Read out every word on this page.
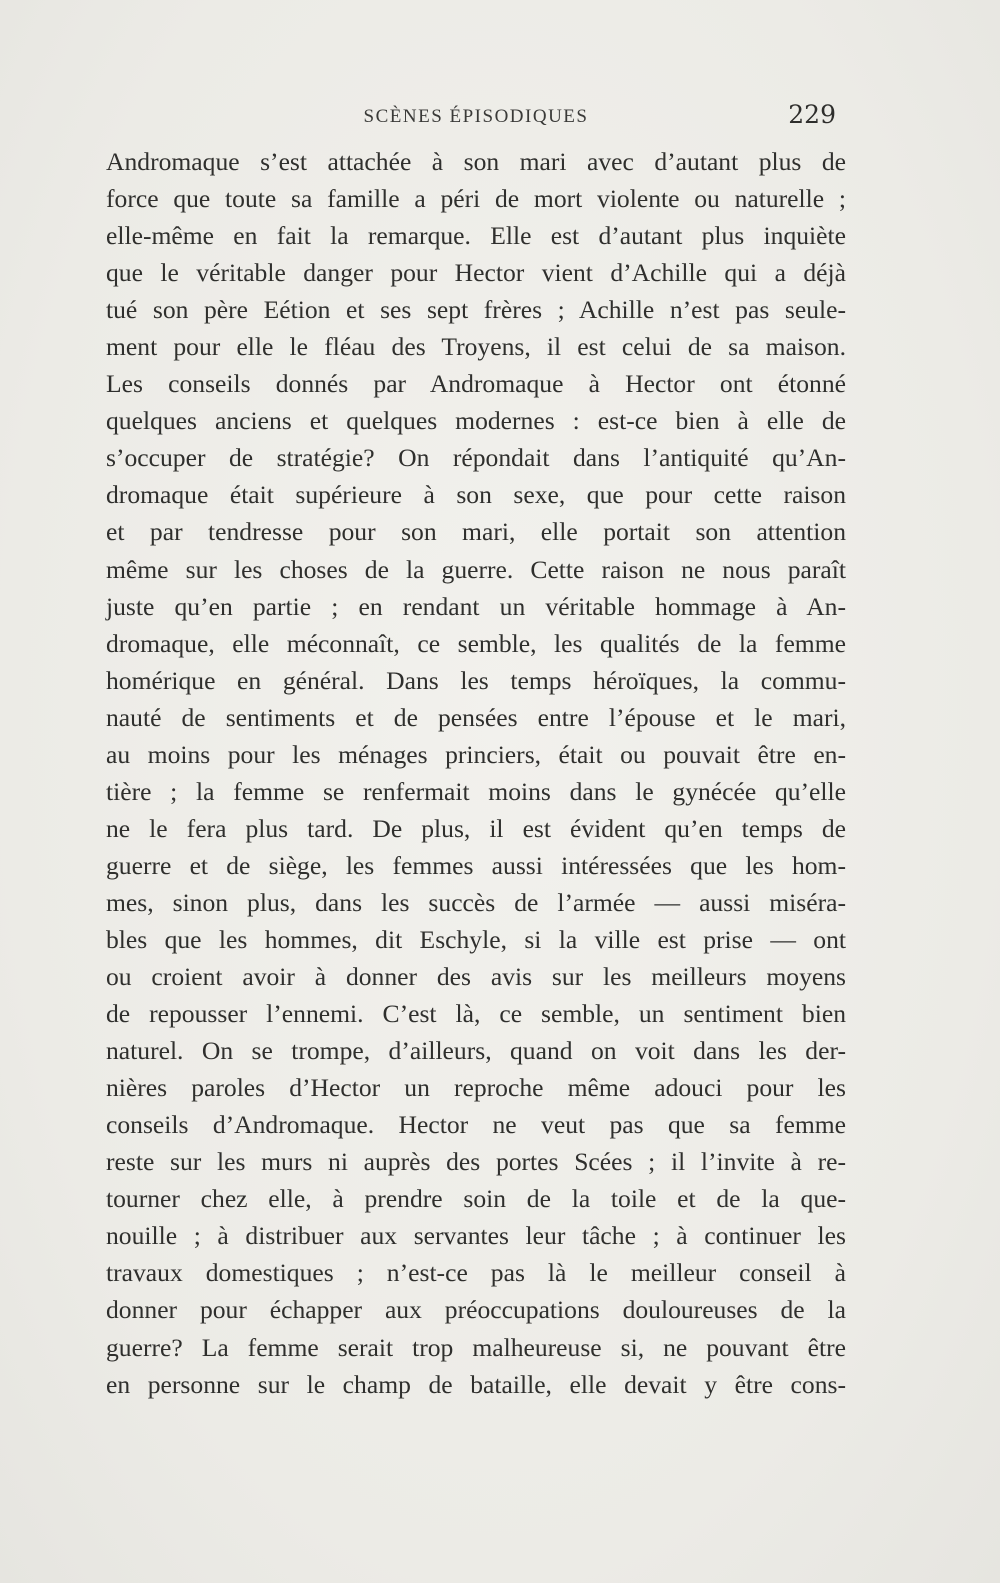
SCÈNES ÉPISODIQUES	229
Andromaque s’est attachée à son mari avec d’autant plus de
force que toute sa famille a péri de mort violente ou naturelle ;
elle-même en fait la remarque. Elle est d’autant plus inquiète
que le véritable danger pour Hector vient d’Achille qui a déjà
tué son père Eétion et ses sept frères ; Achille n’est pas seule-
ment pour elle le fléau des Troyens, il est celui de sa maison.
Les conseils donnés par Andromaque à Hector ont étonné
quelques anciens et quelques modernes : est-ce bien à elle de
s’occuper de stratégie? On répondait dans l’antiquité qu’An-
dromaque était supérieure à son sexe, que pour cette raison
et par tendresse pour son mari, elle portait son attention
même sur les choses de la guerre. Cette raison ne nous paraît
juste qu’en partie ; en rendant un véritable hommage à An-
dromaque, elle méconnaît, ce semble, les qualités de la femme
homérique en général. Dans les temps héroïques, la commu-
nauté de sentiments et de pensées entre l’épouse et le mari,
au moins pour les ménages princiers, était ou pouvait être en-
tière ; la femme se renfermait moins dans le gynécée qu’elle
ne le fera plus tard. De plus, il est évident qu’en temps de
guerre et de siège, les femmes aussi intéressées que les hom-
mes, sinon plus, dans les succès de l’armée — aussi miséra-
bles que les hommes, dit Eschyle, si la ville est prise — ont
ou croient avoir à donner des avis sur les meilleurs moyens
de repousser l’ennemi. C’est là, ce semble, un sentiment bien
naturel. On se trompe, d’ailleurs, quand on voit dans les der-
nières paroles d’Hector un reproche même adouci pour les
conseils d’Andromaque. Hector ne veut pas que sa femme
reste sur les murs ni auprès des portes Scées ; il l’invite à re-
tourner chez elle, à prendre soin de la toile et de la que-
nouille ; à distribuer aux servantes leur tâche ; à continuer les
travaux domestiques ; n’est-ce pas là le meilleur conseil à
donner pour échapper aux préoccupations douloureuses de la
guerre? La femme serait trop malheureuse si, ne pouvant être
en personne sur le champ de bataille, elle devait y être cons-
